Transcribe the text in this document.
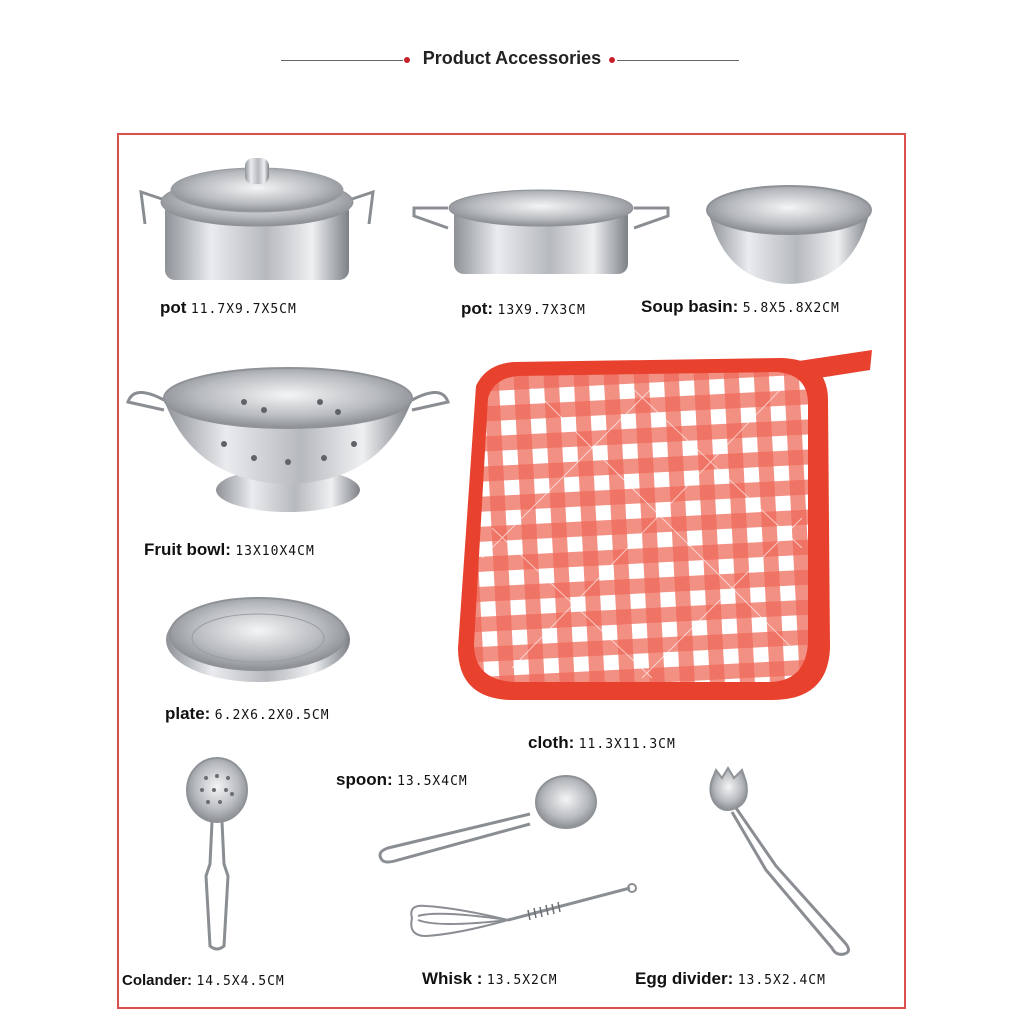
Product Accessories
pot 11.7X9.7X5CM	pot: 13X9.7X3CM	Soup basin: 5.8X5.8X2CM
Fruit bowl: 13X10X4CM
plate: 6.2X6.2X0.5CM
cloth: 11.3X11.3CM
spoon: 13.5X4CM
Colander: 14.5X4.5CM	Whisk : 13.5X2CM	Egg divider: 13.5X2.4CM
